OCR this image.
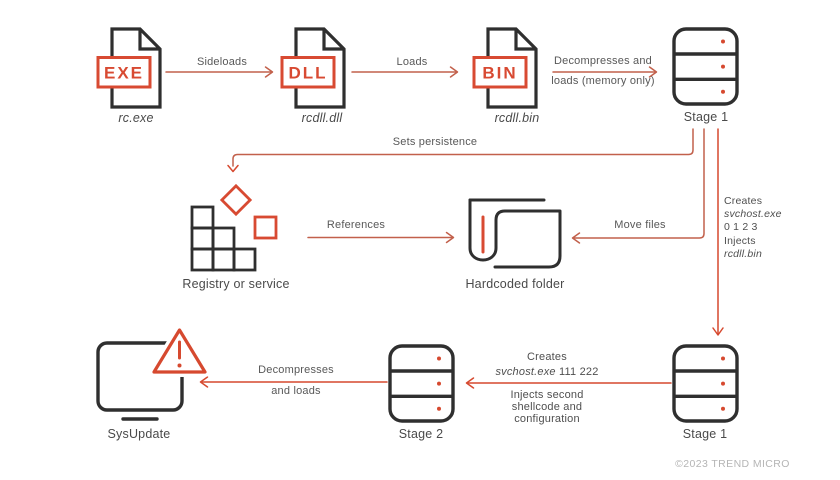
EXE
rc.exe
DLL
rcdll.dll
BIN
rcdll.bin	Stage 1
Registry or service	Hardcoded folder
SysUpdate	Stage 2	Stage 1
Sideloads	Loads	Decompresses and
loads (memory only)
Sets persistence
References	Move files
Decompresses
and loads
Creates
svchost.exe
0 1 2 3
Injects
rcdll.bin
Creates
svchost.exe 111 222
Injects second
shellcode and
configuration
©2023 TREND MICRO
